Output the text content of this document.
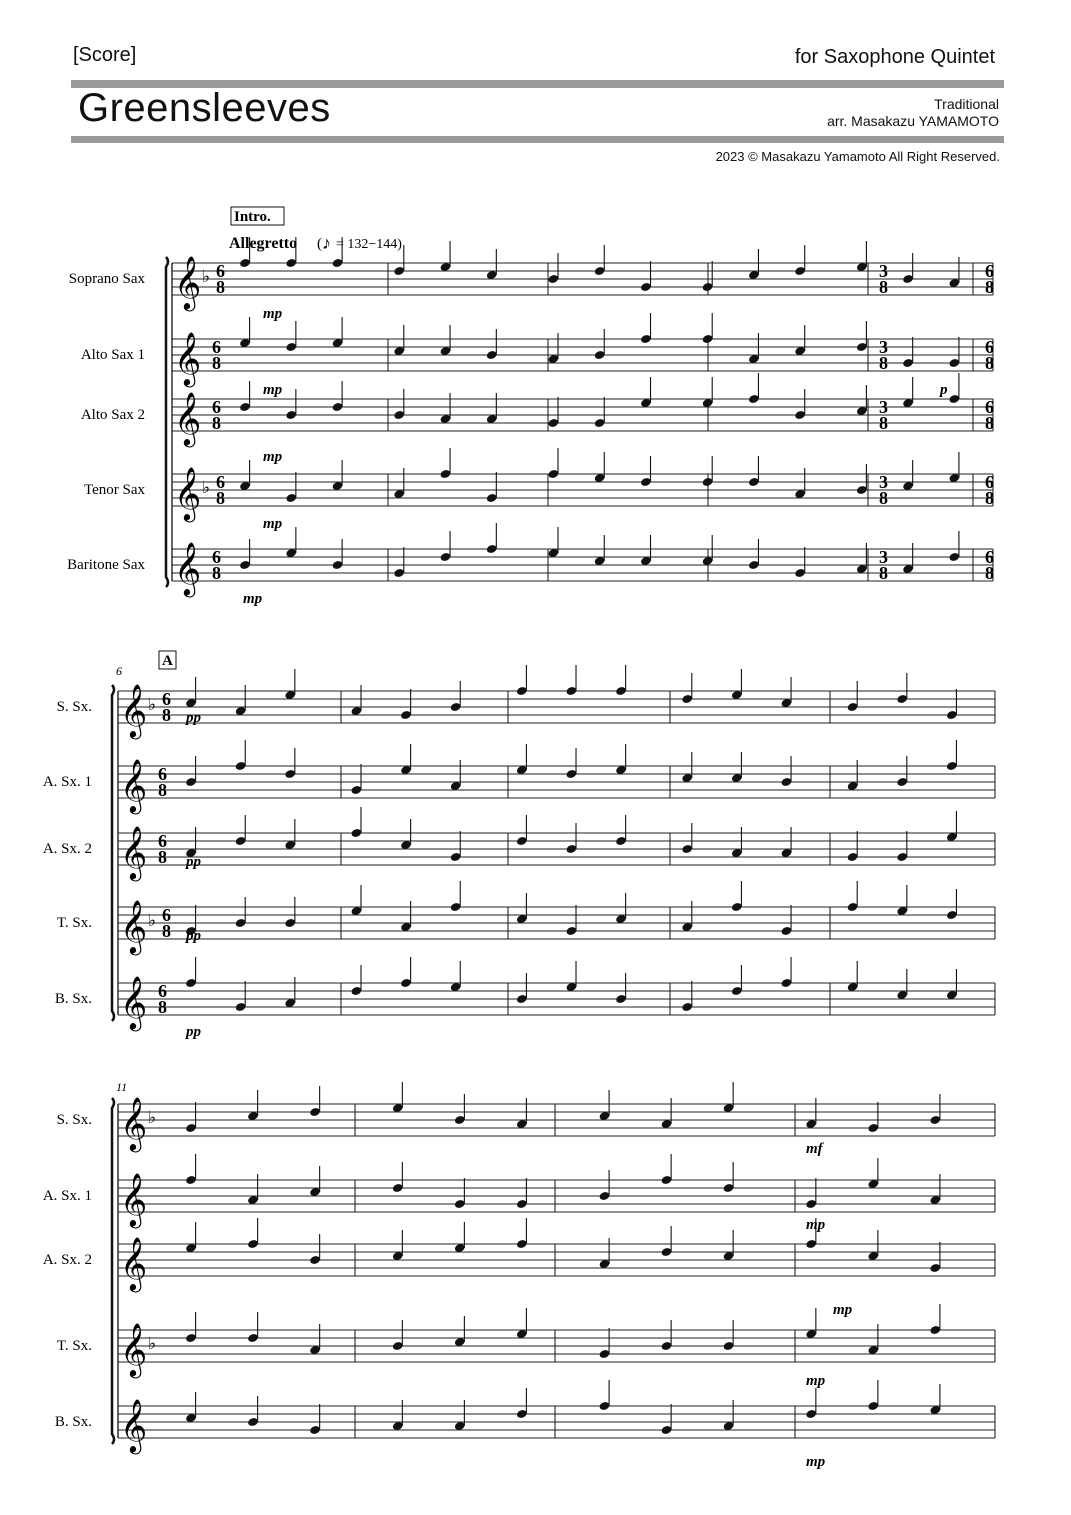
[Score]	for Saxophone Quintet
Greensleeves	Traditional
arr. Masakazu YAMAMOTO
2023 © Masakazu Yamamoto All Right Reserved.
Intro.
Allegretto ( ♪ = 132−144)
6
A
11
Soprano Sax 𝄞 ♭ 6
8
3
8
6
8
Alto Sax 1 𝄞 6
8
3
8
6
8
Alto Sax 2 𝄞 6
8
3
8
6
8
Tenor Sax 𝄞 ♭ 6
8
3
8
6
8
Baritone Sax 𝄞 6
8
3
8
6
8
S. Sx. 𝄞 ♭ 6
8
A. Sx. 1 𝄞 6
8
A. Sx. 2 𝄞 6
8
T. Sx. 𝄞 ♭ 6
8
B. Sx. 𝄞 6
8
S. Sx. 𝄞 ♭
A. Sx. 1 𝄞
A. Sx. 2 𝄞
T. Sx. 𝄞 ♭
B. Sx. 𝄞
mp
mp
mp
mp
mp
p
pp
pp
pp
pp
mf
mp
mp
mp
mp
